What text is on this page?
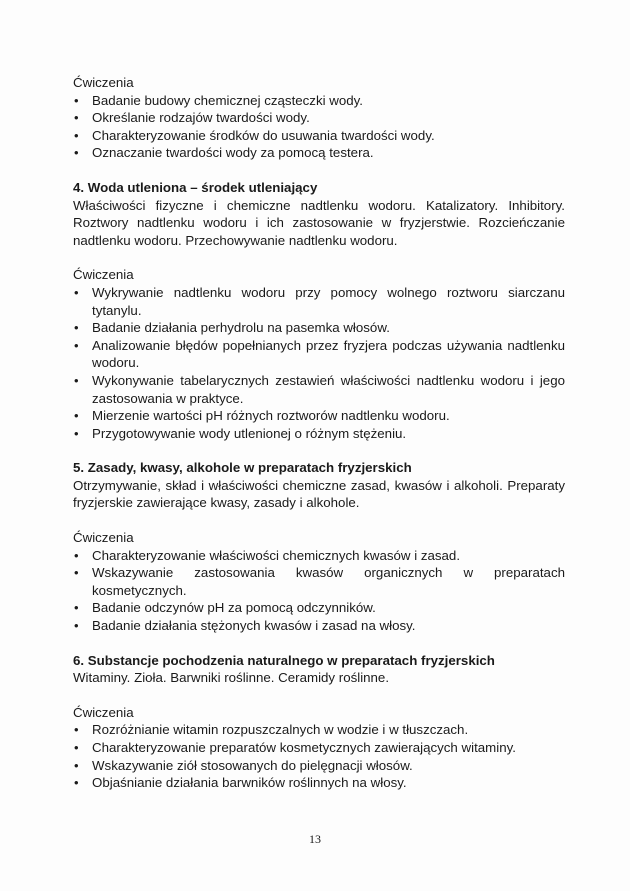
Ćwiczenia

• Badanie budowy chemicznej cząsteczki wody.
• Określanie rodzajów twardości wody.
• Charakteryzowanie środków do usuwania twardości wody.
• Oznaczanie twardości wody za pomocą testera.

4. Woda utleniona – środek utleniający

Właściwości fizyczne i chemiczne nadtlenku wodoru. Katalizatory. Inhibitory. Roztwory nadtlenku wodoru i ich zastosowanie w fryzjerstwie. Rozcieńczanie nadtlenku wodoru. Przechowywanie nadtlenku wodoru.

Ćwiczenia

• Wykrywanie nadtlenku wodoru przy pomocy wolnego roztworu siarczanu tytanylu.
• Badanie działania perhydrolu na pasemka włosów.
• Analizowanie błędów popełnianych przez fryzjera podczas używania nadtlenku wodoru.
• Wykonywanie tabelarycznych zestawień właściwości nadtlenku wodoru i jego zastosowania w praktyce.
• Mierzenie wartości pH różnych roztworów nadtlenku wodoru.
• Przygotowywanie wody utlenionej o różnym stężeniu.

5. Zasady, kwasy, alkohole w preparatach fryzjerskich

Otrzymywanie, skład i właściwości chemiczne zasad, kwasów i alkoholi. Preparaty fryzjerskie zawierające kwasy, zasady i alkohole.

Ćwiczenia

• Charakteryzowanie właściwości chemicznych kwasów i zasad.
• Wskazywanie zastosowania kwasów organicznych w preparatach kosmetycznych.
• Badanie odczynów pH za pomocą odczynników.
• Badanie działania stężonych kwasów i zasad na włosy.

6. Substancje pochodzenia naturalnego w preparatach fryzjerskich

Witaminy. Zioła. Barwniki roślinne. Ceramidy roślinne.

Ćwiczenia

• Rozróżnianie witamin rozpuszczalnych w wodzie i w tłuszczach.
• Charakteryzowanie preparatów kosmetycznych zawierających witaminy.
• Wskazywanie ziół stosowanych do pielęgnacji włosów.
• Objaśnianie działania barwników roślinnych na włosy.
13
